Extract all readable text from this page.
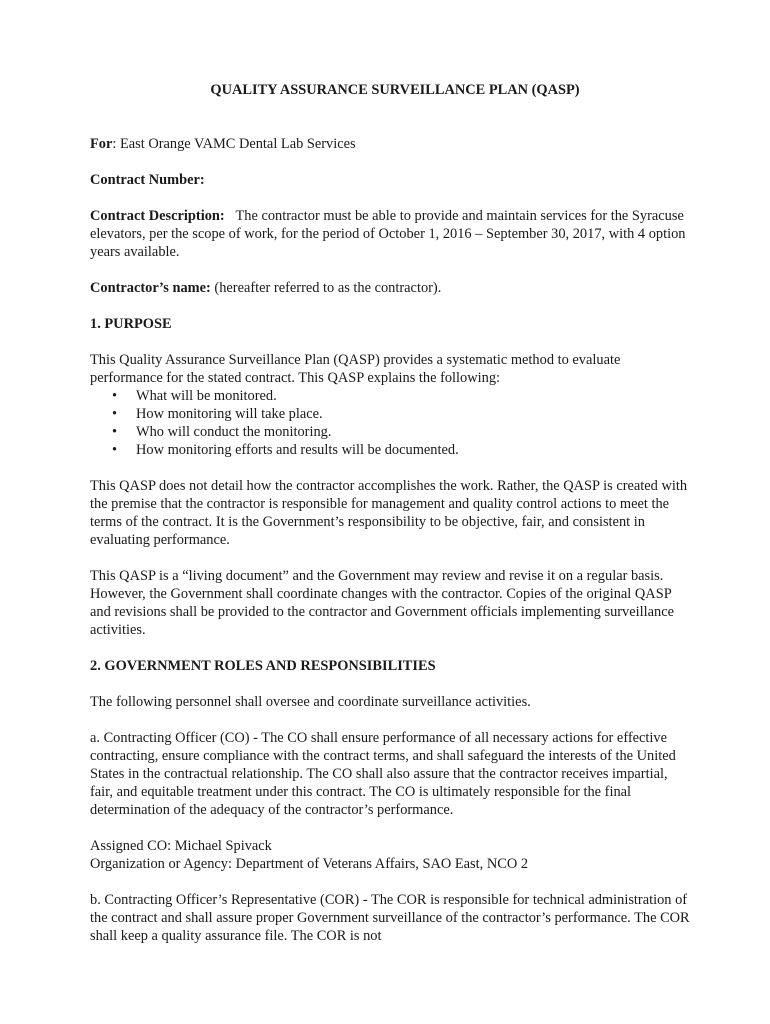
QUALITY ASSURANCE SURVEILLANCE PLAN (QASP)

For: East Orange VAMC Dental Lab Services

Contract Number:

Contract Description: The contractor must be able to provide and maintain services for the Syracuse elevators, per the scope of work, for the period of October 1, 2016 – September 30, 2017, with 4 option years available.

Contractor’s name: (hereafter referred to as the contractor).

1. PURPOSE

This Quality Assurance Surveillance Plan (QASP) provides a systematic method to evaluate performance for the stated contract. This QASP explains the following:

• What will be monitored.
• How monitoring will take place.
• Who will conduct the monitoring.
• How monitoring efforts and results will be documented.

This QASP does not detail how the contractor accomplishes the work. Rather, the QASP is created with the premise that the contractor is responsible for management and quality control actions to meet the terms of the contract. It is the Government’s responsibility to be objective, fair, and consistent in evaluating performance.

This QASP is a “living document” and the Government may review and revise it on a regular basis. However, the Government shall coordinate changes with the contractor. Copies of the original QASP and revisions shall be provided to the contractor and Government officials implementing surveillance activities.

2. GOVERNMENT ROLES AND RESPONSIBILITIES

The following personnel shall oversee and coordinate surveillance activities.

a. Contracting Officer (CO) - The CO shall ensure performance of all necessary actions for effective contracting, ensure compliance with the contract terms, and shall safeguard the interests of the United States in the contractual relationship. The CO shall also assure that the contractor receives impartial, fair, and equitable treatment under this contract. The CO is ultimately responsible for the final determination of the adequacy of the contractor’s performance.

Assigned CO: Michael Spivack
Organization or Agency: Department of Veterans Affairs, SAO East, NCO 2

b. Contracting Officer’s Representative (COR) - The COR is responsible for technical administration of the contract and shall assure proper Government surveillance of the contractor’s performance. The COR shall keep a quality assurance file. The COR is not
